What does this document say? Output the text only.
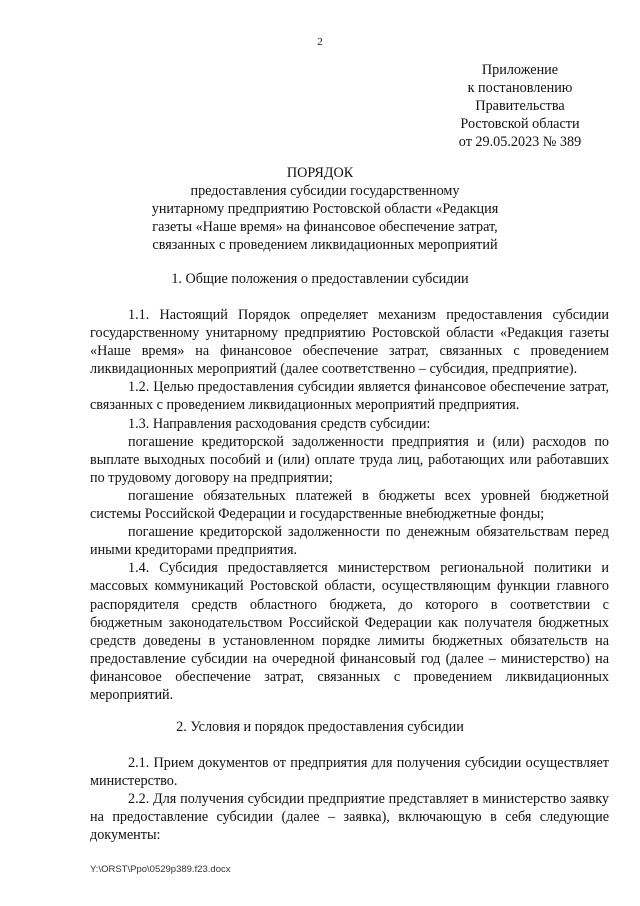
2
Приложение
к постановлению
Правительства
Ростовской области
от 29.05.2023 № 389
ПОРЯДОК
предоставления субсидии государственному
унитарному предприятию Ростовской области «Редакция
газеты «Наше время» на финансовое обеспечение затрат,
связанных с проведением ликвидационных мероприятий
1. Общие положения о предоставлении субсидии

1.1. Настоящий Порядок определяет механизм предоставления субсидии государственному унитарному предприятию Ростовской области «Редакция газеты «Наше время» на финансовое обеспечение затрат, связанных с проведением ликвидационных мероприятий (далее соответственно – субсидия, предприятие).

1.2. Целью предоставления субсидии является финансовое обеспечение затрат, связанных с проведением ликвидационных мероприятий предприятия.

1.3. Направления расходования средств субсидии:

погашение кредиторской задолженности предприятия и (или) расходов по выплате выходных пособий и (или) оплате труда лиц, работающих или работавших по трудовому договору на предприятии;

погашение обязательных платежей в бюджеты всех уровней бюджетной системы Российской Федерации и государственные внебюджетные фонды;

погашение кредиторской задолженности по денежным обязательствам перед иными кредиторами предприятия.

1.4. Субсидия предоставляется министерством региональной политики и массовых коммуникаций Ростовской области, осуществляющим функции главного распорядителя средств областного бюджета, до которого в соответствии с бюджетным законодательством Российской Федерации как получателя бюджетных средств доведены в установленном порядке лимиты бюджетных обязательств на предоставление субсидии на очередной финансовый год (далее – министерство) на финансовое обеспечение затрат, связанных с проведением ликвидационных мероприятий.

2. Условия и порядок предоставления субсидии

2.1. Прием документов от предприятия для получения субсидии осуществляет министерство.

2.2. Для получения субсидии предприятие представляет в министерство заявку на предоставление субсидии (далее – заявка), включающую в себя следующие документы:

Y:\ORST\Ppo\0529p389.f23.docx
